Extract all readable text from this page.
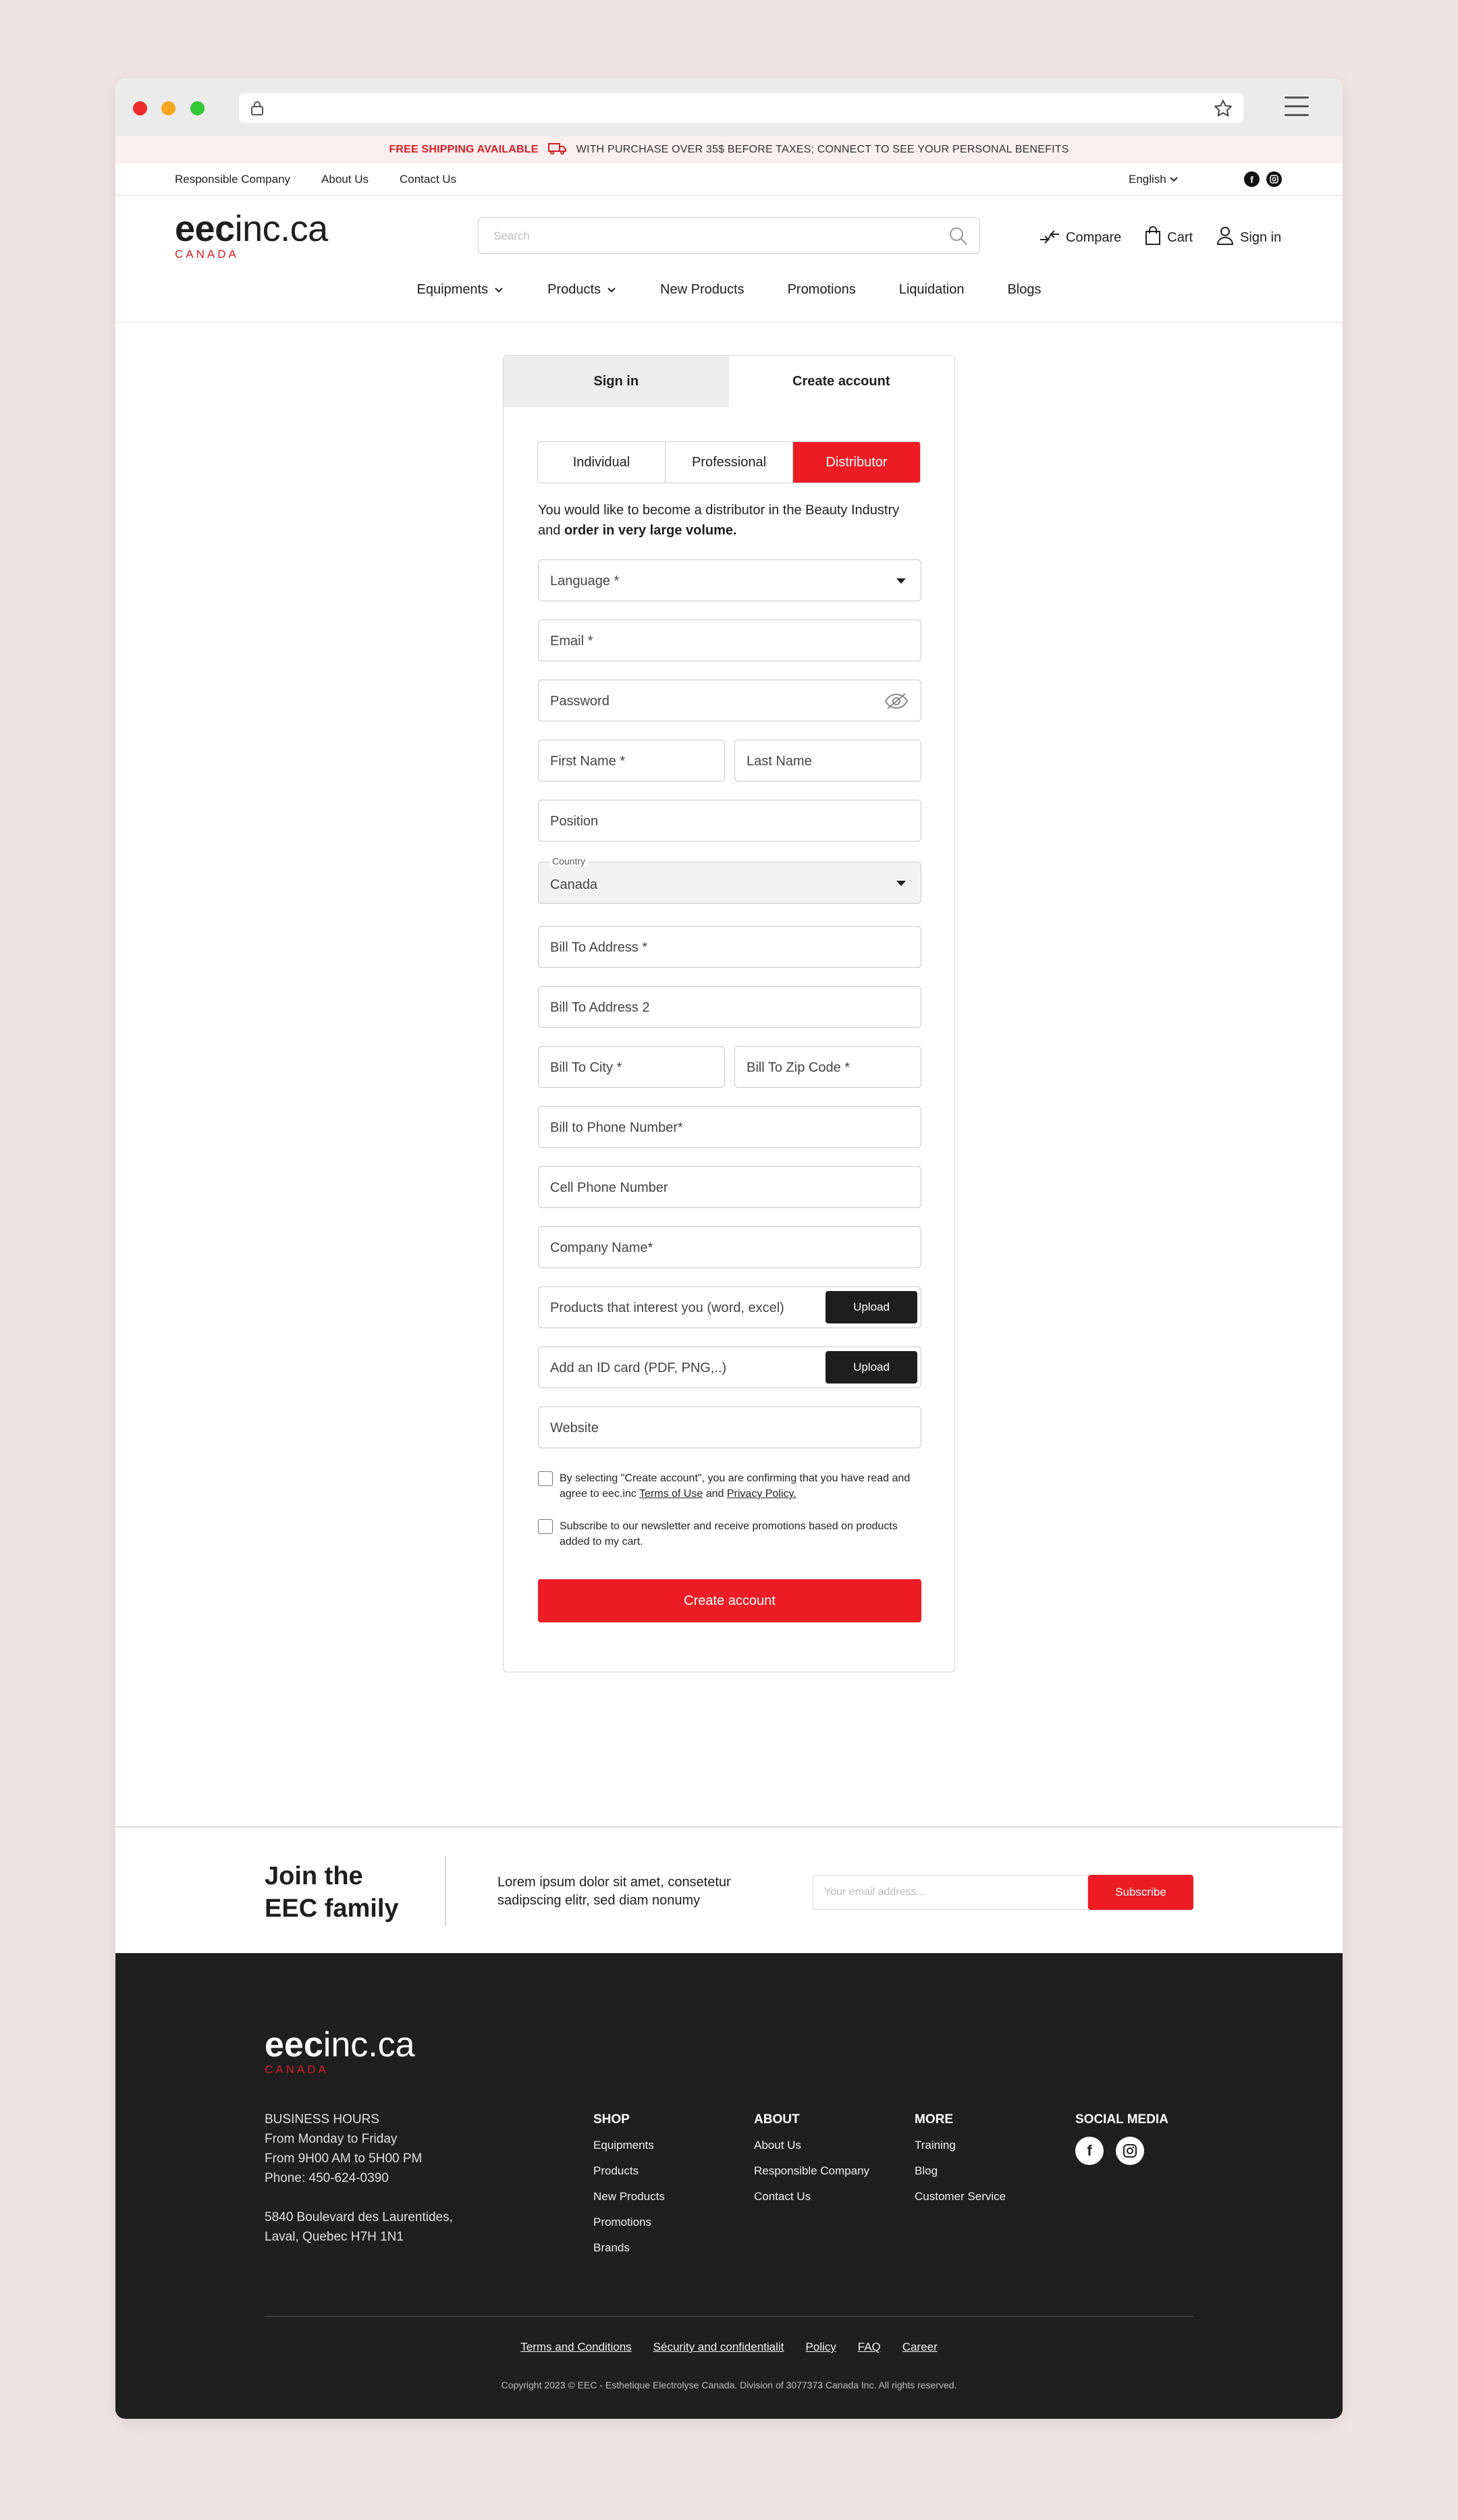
FREE SHIPPING AVAILABLE	WITH PURCHASE OVER 35$ BEFORE TAXES; CONNECT TO SEE YOUR PERSONAL BENEFITS
Responsible Company	About Us	Contact Us	English	f
eecinc.ca
CANADA
Search	Compare	Cart	Sign in
Equipments	Products	New Products	Promotions	Liquidation	Blogs
Sign in	Create account
Individual	Professional	Distributor

You would like to become a distributor in the Beauty Industry and order in very large volume.

Language *
Email *
Password
First Name *	Last Name
Position
Country
Canada
Bill To Address *
Bill To Address 2
Bill To City *	Bill To Zip Code *
Bill to Phone Number*
Cell Phone Number
Company Name*
Products that interest you (word, excel)	Upload
Add an ID card (PDF, PNG,..)	Upload
Website
By selecting "Create account", you are confirming that you have read and agree to eec.inc Terms of Use and Privacy Policy.
Subscribe to our newsletter and receive promotions based on products added to my cart.
Create account
Join the
EEC family
Lorem ipsum dolor sit amet, consetetur sadipscing elitr, sed diam nonumy
Your email address...	Subscribe
eecinc.ca
CANADA
BUSINESS HOURS
From Monday to Friday
From 9H00 AM to 5H00 PM
Phone: 450-624-0390
5840 Boulevard des Laurentides,
Laval, Quebec H7H 1N1
SHOP
Equipments
Products
New Products
Promotions
Brands
ABOUT
About Us
Responsible Company
Contact Us
MORE
Training
Blog
Customer Service
SOCIAL MEDIA
f
Terms and Conditions Sécurity and confidentialit Policy FAQ Career
Copyright 2023 © EEC - Esthetique Electrolyse Canada. Division of 3077373 Canada Inc. All rights reserved.
